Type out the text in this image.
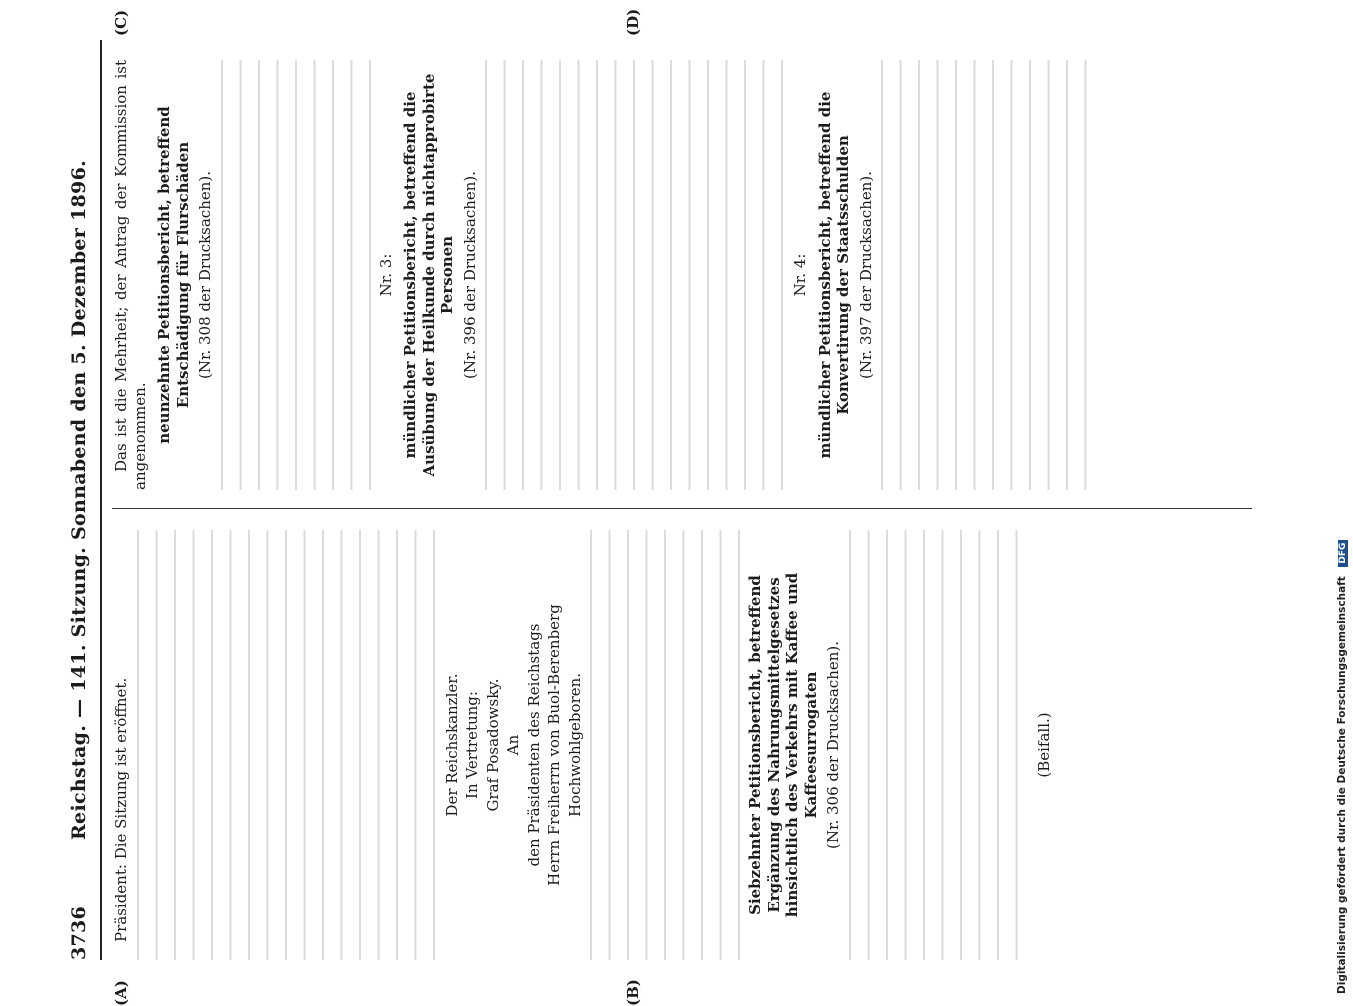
3736
Reichstag. — 141. Sitzung. Sonnabend den 5. Dezember 1896.
(A)	(B)
(C)	(D)

Präsident: Die Sitzung ist eröffnet.	Der Reichskanzler. In Vertretung: Graf Posadowsky. An den Präsidenten des Reichstags Herrn Freiherrn von Buol-Berenberg Hochwohlgeboren.	Siebzehnter Petitionsbericht, betreffend Ergänzung des Nahrungsmittelgesetzes hinsichtlich des Verkehrs mit Kaffee und Kaffeesurrogaten (Nr. 306 der Drucksachen).	(Beifall.)

Das ist die Mehrheit; der Antrag der Kommission ist angenommen. neunzehnte Petitionsbericht, betreffend Entschädigung für Flurschäden (Nr. 308 der Drucksachen).	Nr. 3: mündlicher Petitionsbericht, betreffend die Ausübung der Heilkunde durch nichtapprobirte Personen (Nr. 396 der Drucksachen).	Nr. 4: mündlicher Petitionsbericht, betreffend die Konvertirung der Staatsschulden (Nr. 397 der Drucksachen).

Digitalisierung gefördert durch die Deutsche Forschungsgemeinschaft DFG
